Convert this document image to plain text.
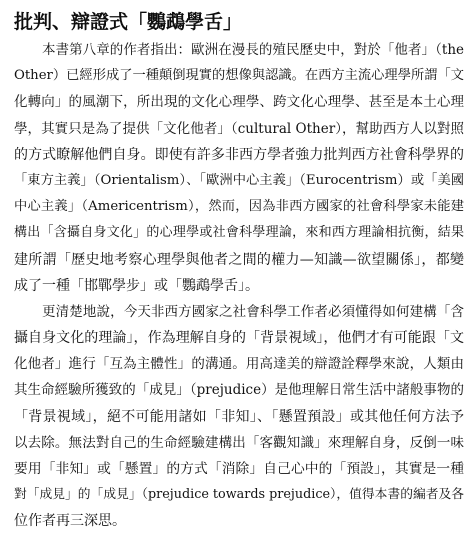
批判、辯證式「鸚鵡學舌」
本書第八章的作者指出：歐洲在漫長的殖民歷史中，對於「他者」（the
Other）已經形成了一種顛倒現實的想像與認識。在西方主流心理學所謂「文
化轉向」的風潮下，所出現的文化心理學、跨文化心理學、甚至是本土心理
學，其實只是為了提供「文化他者」（cultural Other），幫助西方人以對照
的方式瞭解他們自身。即使有許多非西方學者強力批判西方社會科學界的
「東方主義」（Orientalism）、「歐洲中心主義」（Eurocentrism）或「美國
中心主義」（Americentrism），然而，因為非西方國家的社會科學家未能建
構出「含攝自身文化」的心理學或社會科學理論，來和西方理論相抗衡，結果
建所謂「歷史地考察心理學與他者之間的權力—知識—欲望關係」，都變
成了一種「邯鄲學步」或「鸚鵡學舌」。
更清楚地說，今天非西方國家之社會科學工作者必須懂得如何建構「含
攝自身文化的理論」，作為理解自身的「背景視域」，他們才有可能跟「文
化他者」進行「互為主體性」的溝通。用高達美的辯證詮釋學來說，人類由
其生命經驗所獲致的「成見」（prejudice）是他理解日常生活中諸般事物的
「背景視域」，絕不可能用諸如「非知」、「懸置預設」或其他任何方法予
以去除。無法對自己的生命經驗建構出「客觀知識」來理解自身，反倒一味
要用「非知」或「懸置」的方式「消除」自己心中的「預設」，其實是一種
對「成見」的「成見」（prejudice towards prejudice），值得本書的編者及各
位作者再三深思。
